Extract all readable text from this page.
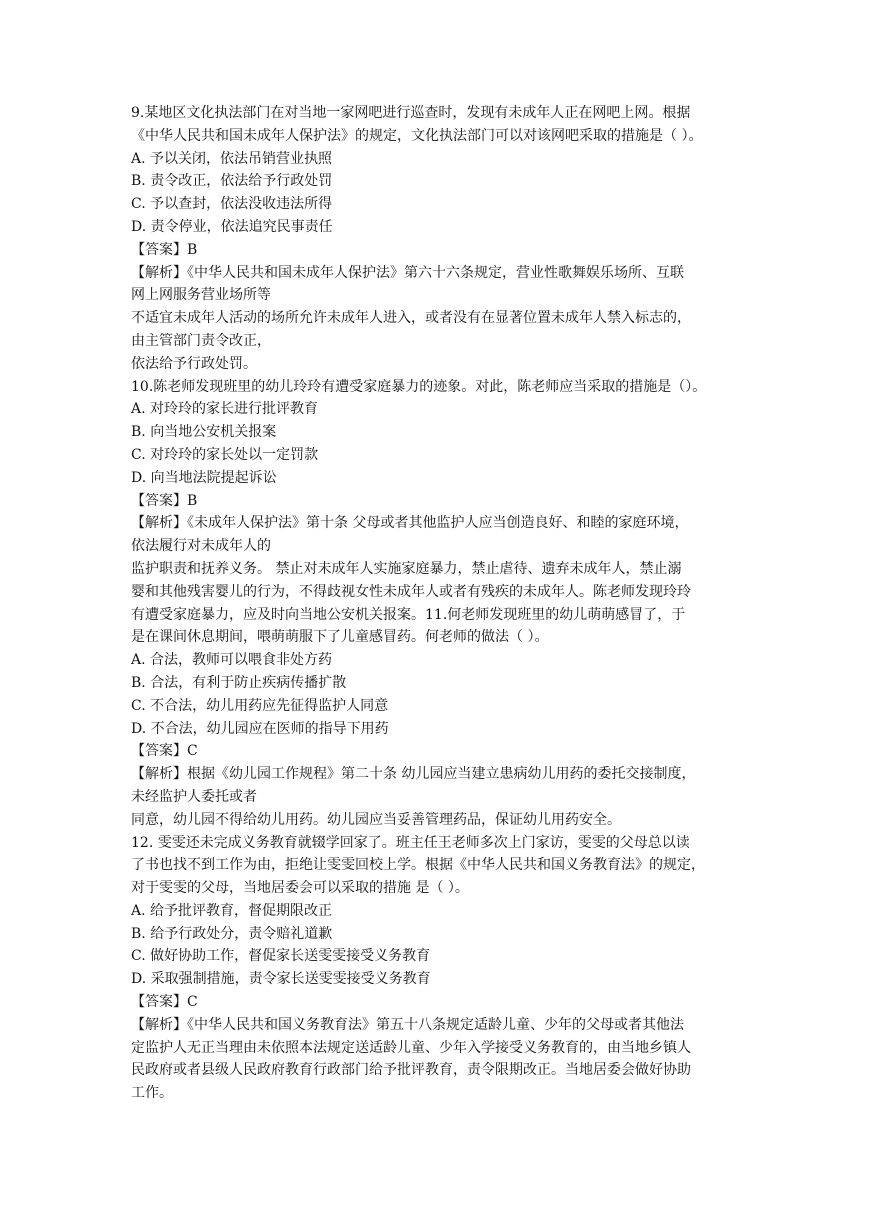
9.某地区文化执法部门在对当地一家网吧进行巡查时，发现有未成年人正在网吧上网。根据
《中华人民共和国未成年人保护法》的规定，文化执法部门可以对该网吧采取的措施是（ ）。
A. 予以关闭，依法吊销营业执照
B. 责令改正，依法给予行政处罚
C. 予以查封，依法没收违法所得
D. 责令停业，依法追究民事责任
【答案】B
【解析】《中华人民共和国未成年人保护法》第六十六条规定，营业性歌舞娱乐场所、互联
网上网服务营业场所等
不适宜未成年人活动的场所允许未成年人进入，或者没有在显著位置未成年人禁入标志的，
由主管部门责令改正，
依法给予行政处罚。
10.陈老师发现班里的幼儿玲玲有遭受家庭暴力的迹象。对此，陈老师应当采取的措施是（）。
A. 对玲玲的家长进行批评教育
B. 向当地公安机关报案
C. 对玲玲的家长处以一定罚款
D. 向当地法院提起诉讼
【答案】B
【解析】《未成年人保护法》第十条 父母或者其他监护人应当创造良好、和睦的家庭环境，
依法履行对未成年人的
监护职责和抚养义务。 禁止对未成年人实施家庭暴力，禁止虐待、遗弃未成年人，禁止溺
婴和其他残害婴儿的行为，不得歧视女性未成年人或者有残疾的未成年人。陈老师发现玲玲
有遭受家庭暴力，应及时向当地公安机关报案。11.何老师发现班里的幼儿萌萌感冒了，于
是在课间休息期间，喂萌萌服下了儿童感冒药。何老师的做法（ ）。
A. 合法，教师可以喂食非处方药
B. 合法，有利于防止疾病传播扩散
C. 不合法，幼儿用药应先征得监护人同意
D. 不合法，幼儿园应在医师的指导下用药
【答案】C
【解析】根据《幼儿园工作规程》第二十条 幼儿园应当建立患病幼儿用药的委托交接制度，
未经监护人委托或者
同意，幼儿园不得给幼儿用药。幼儿园应当妥善管理药品，保证幼儿用药安全。
12. 雯雯还未完成义务教育就辍学回家了。班主任王老师多次上门家访，雯雯的父母总以读
了书也找不到工作为由，拒绝让雯雯回校上学。根据《中华人民共和国义务教育法》的规定，
对于雯雯的父母，当地居委会可以采取的措施 是（ ）。
A. 给予批评教育，督促期限改正
B. 给予行政处分，责令赔礼道歉
C. 做好协助工作，督促家长送雯雯接受义务教育
D. 采取强制措施，责令家长送雯雯接受义务教育
【答案】C
【解析】《中华人民共和国义务教育法》第五十八条规定适龄儿童、少年的父母或者其他法
定监护人无正当理由未依照本法规定送适龄儿童、少年入学接受义务教育的，由当地乡镇人
民政府或者县级人民政府教育行政部门给予批评教育，责令限期改正。当地居委会做好协助
工作。
